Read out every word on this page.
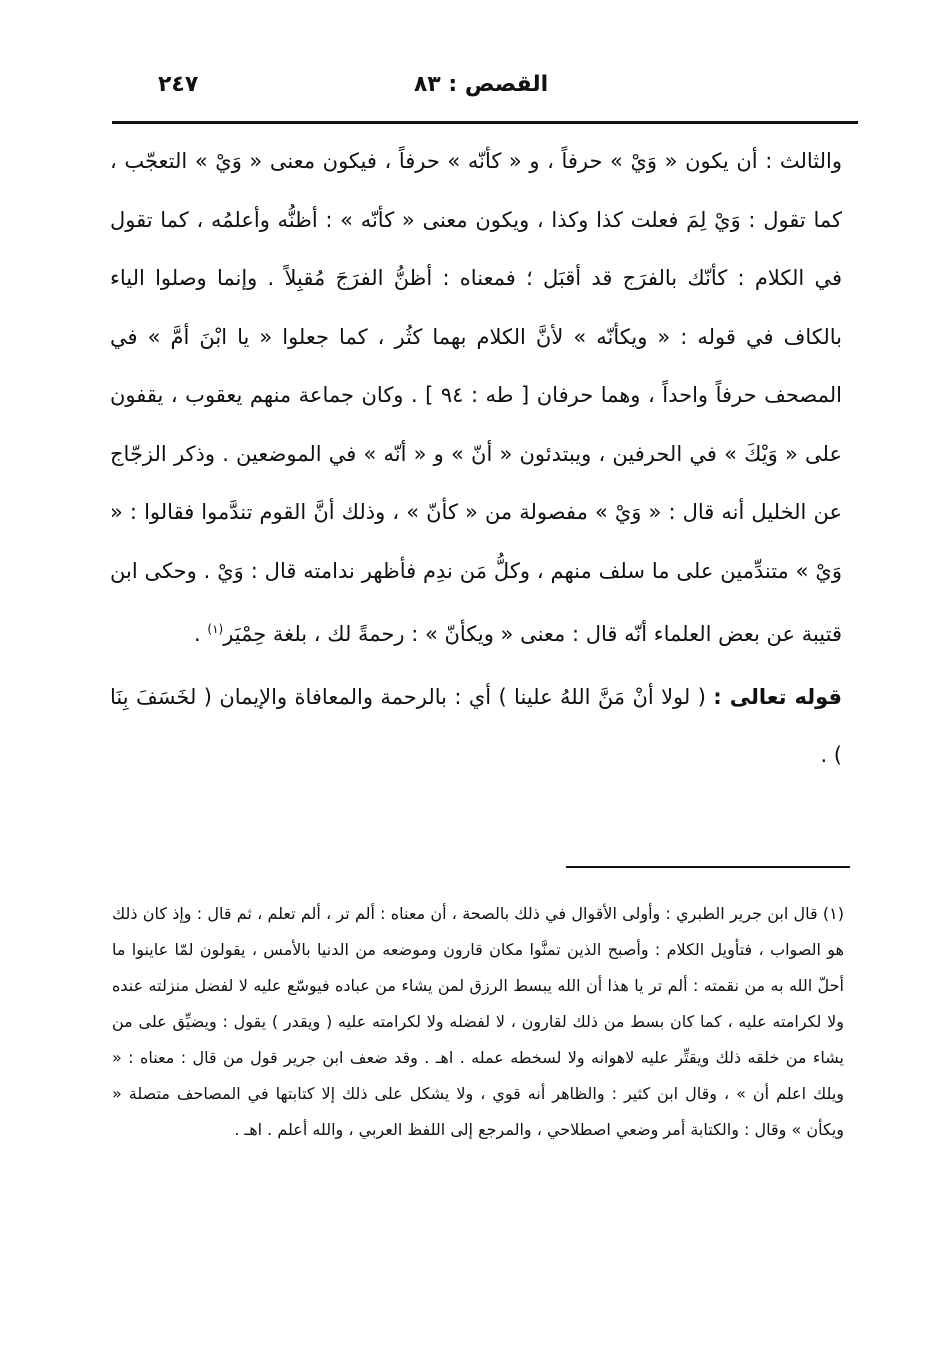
٢٤٧	القصص : ٨٣

والثالث : أن يكون « وَيْ » حرفاً ، و « كأنّه » حرفاً ، فيكون معنى « وَيْ » التعجّب ، كما تقول : وَيْ لِمَ فعلت كذا وكذا ، ويكون معنى « كأنّه » : أظنُّه وأعلمُه ، كما تقول في الكلام : كأنّك بالفرَج قد أقبَل ؛ فمعناه : أظنُّ الفرَجَ مُقبِلاً . وإنما وصلوا الياء بالكاف في قوله : « ويكأنّه » لأنَّ الكلام بهما كثُر ، كما جعلوا « يا ابْنَ أمَّ » في المصحف حرفاً واحداً ، وهما حرفان [ طه : ٩٤ ] . وكان جماعة منهم يعقوب ، يقفون على « وَيْكَ » في الحرفين ، ويبتدئون « أنّ » و « أنّه » في الموضعين . وذكر الزجّاج عن الخليل أنه قال : « وَيْ » مفصولة من « كأنّ » ، وذلك أنَّ القوم تندَّموا فقالوا : « وَيْ » متندِّمين على ما سلف منهم ، وكلُّ مَن ندِم فأظهر ندامته قال : وَيْ . وحكى ابن قتيبة عن بعض العلماء أنّه قال : معنى « ويكأنّ » : رحمةً لك ، بلغة حِمْيَر$^{(١)}$ .

قوله تعالى : ( لولا أنْ مَنَّ اللهُ علينا ) أي : بالرحمة والمعافاة والإيمان ( لخَسَفَ بِنَا ) .

(١) قال ابن جرير الطبري : وأولى الأقوال في ذلك بالصحة ، أن معناه : ألم تر ، ألم تعلم ، ثم قال : وإذ كان ذلك هو الصواب ، فتأويل الكلام : وأصبح الذين تمنَّوا مكان قارون وموضعه من الدنيا بالأمس ، يقولون لمّا عاينوا ما أحلّ الله به من نقمته : ألم تر يا هذا أن الله يبسط الرزق لمن يشاء من عباده فيوسّع عليه لا لفضل منزلته عنده ولا لكرامته عليه ، كما كان بسط من ذلك لقارون ، لا لفضله ولا لكرامته عليه ( ويقدر ) يقول : ويضيِّق على من يشاء من خلقه ذلك ويقتِّر عليه لاهوانه ولا لسخطه عمله . اهـ . وقد ضعف ابن جرير قول من قال : معناه : « ويلك اعلم أن » ، وقال ابن كثير : والظاهر أنه قوي ، ولا يشكل على ذلك إلا كتابتها في المصاحف متصلة « ويكأن » وقال : والكتابة أمر وضعي اصطلاحي ، والمرجع إلى اللفظ العربي ، والله أعلم . اهـ .
